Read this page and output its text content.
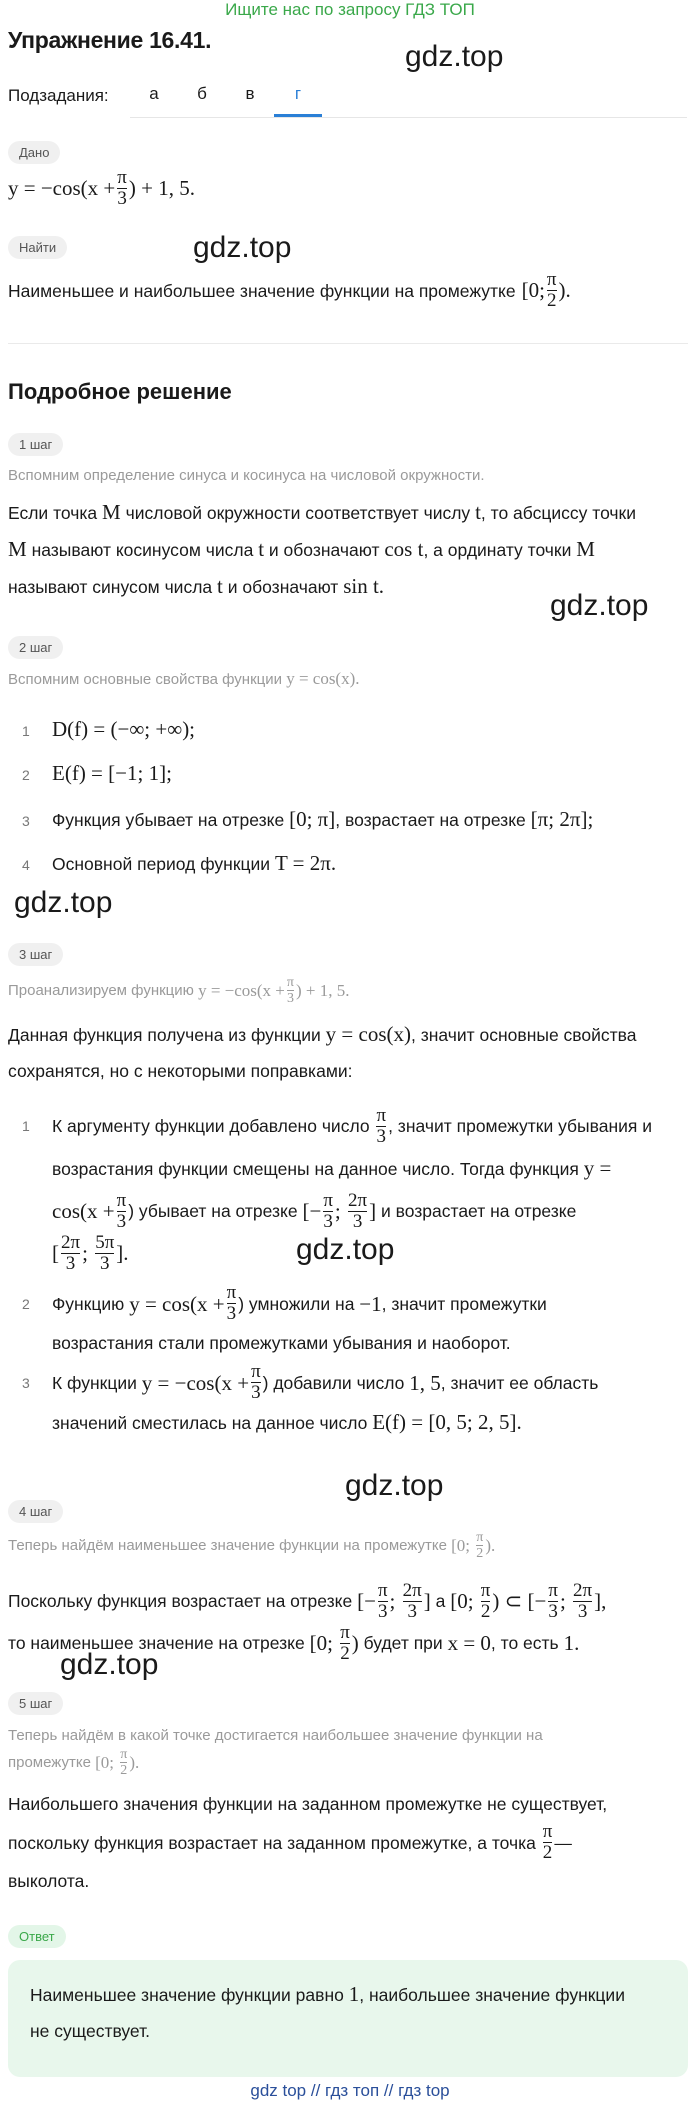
Ищите нас по запросу ГДЗ ТОП
Упражнение 16.41.	gdz.top
gdz.top
gdz.top
gdz.top
gdz.top
gdz.top
gdz.top
Подзадания:	а	б	в	г
Дано
$y = -\cos(x + \frac{\pi}{3}$ ) + 1, 5.
Найти
Наименьшее и наибольшее значение функции на промежутке [0; $\frac{\pi}{2}$ ).
Подробное решение
1 шаг
Вспомним определение синуса и косинуса на числовой окружности.
Если точка M числовой окружности соответствует числу t, то абсциссу точки
M называют косинусом числа t и обозначают cos t, а ординату точки M
называют синусом числа t и обозначают sin t.
2 шаг
Вспомним основные свойства функции y = cos(x).
1 D(f) = (−∞; +∞);
2 E(f) = [−1; 1];
3 Функция убывает на отрезке [0; π], возрастает на отрезке [π; 2π];
4 Основной период функции T = 2π.
3 шаг
Проанализируем функцию
$y = -\cos(x + \frac{\pi}{3}$ ) + 1, 5.
Данная функция получена из функции y = cos(x), значит основные свойства
сохранятся, но с некоторыми поправками:
1	К аргументу функции добавлено число
$\frac{\pi}{3}$ , значит промежутки убывания и
возрастания функции смещены на данное число. Тогда функция y =
$\cos(x + \frac{\pi}{3}$ ) убывает на отрезке
[− $\frac{\pi}{3}$ ; $\frac{2\pi}{3}$ ]
и возрастает на отрезке
[ $\frac{2\pi}{3}$ ; $\frac{5\pi}{3}$ ].
2	Функцию
$y = \cos(x + \frac{\pi}{3}$ ) умножили на
−1 , значит промежутки
возрастания стали промежутками убывания и наоборот.
3	К функции
$y = -\cos(x + \frac{\pi}{3}$ ) добавили число
1, 5 , значит ее область
значений сместилась на данное число E(f) = [0, 5; 2, 5].
4 шаг
Теперь найдём наименьшее значение функции на промежутке
[0; $\frac{\pi}{2}$ ).
Поскольку функция возрастает на отрезке
[− $\frac{\pi}{3}$ ; $\frac{2\pi}{3}$ ]
а
[0; $\frac{\pi}{2}$ ) ⊂ [− $\frac{\pi}{3}$ ; $\frac{2\pi}{3}$ ],
то наименьшее значение на отрезке
[0; $\frac{\pi}{2}$ )
будет при
x = 0 , то есть
1.
5 шаг
Теперь найдём в какой точке достигается наибольшее значение функции на
промежутке
[0; $\frac{\pi}{2}$ ).
Наибольшего значения функции на заданном промежутке не существует,
поскольку функция возрастает на заданном промежутке, а точка
$\frac{\pi}{2}$ —
выколота.
Ответ
Наименьшее значение функции равно 1, наибольшее значение функции
не существует.
gdz top // гдз топ // гдз top
